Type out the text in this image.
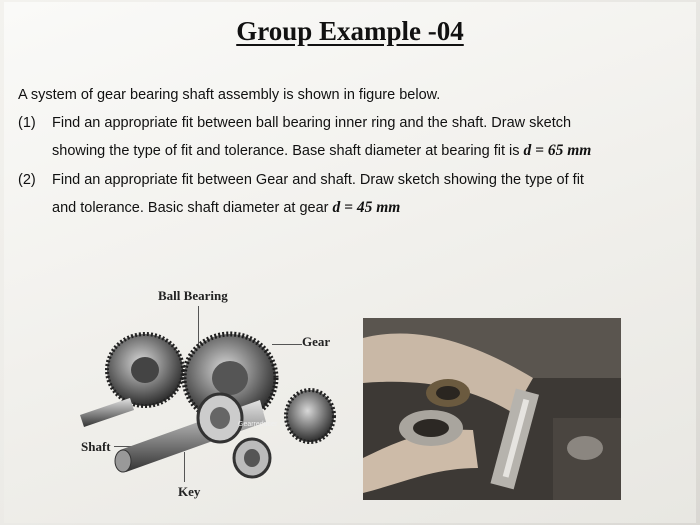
Group Example -04
A system of gear bearing shaft assembly is shown in figure below.
(1) Find an appropriate fit between ball bearing inner ring and the shaft. Draw sketch
showing the type of fit and tolerance. Base shaft diameter at bearing fit is d = 65 mm
(2) Find an appropriate fit between Gear and shaft. Draw sketch showing the type of fit
and tolerance. Basic shaft diameter at gear d = 45 mm
Ball Bearing
Gear
Shaft
Key
Gearreducer
